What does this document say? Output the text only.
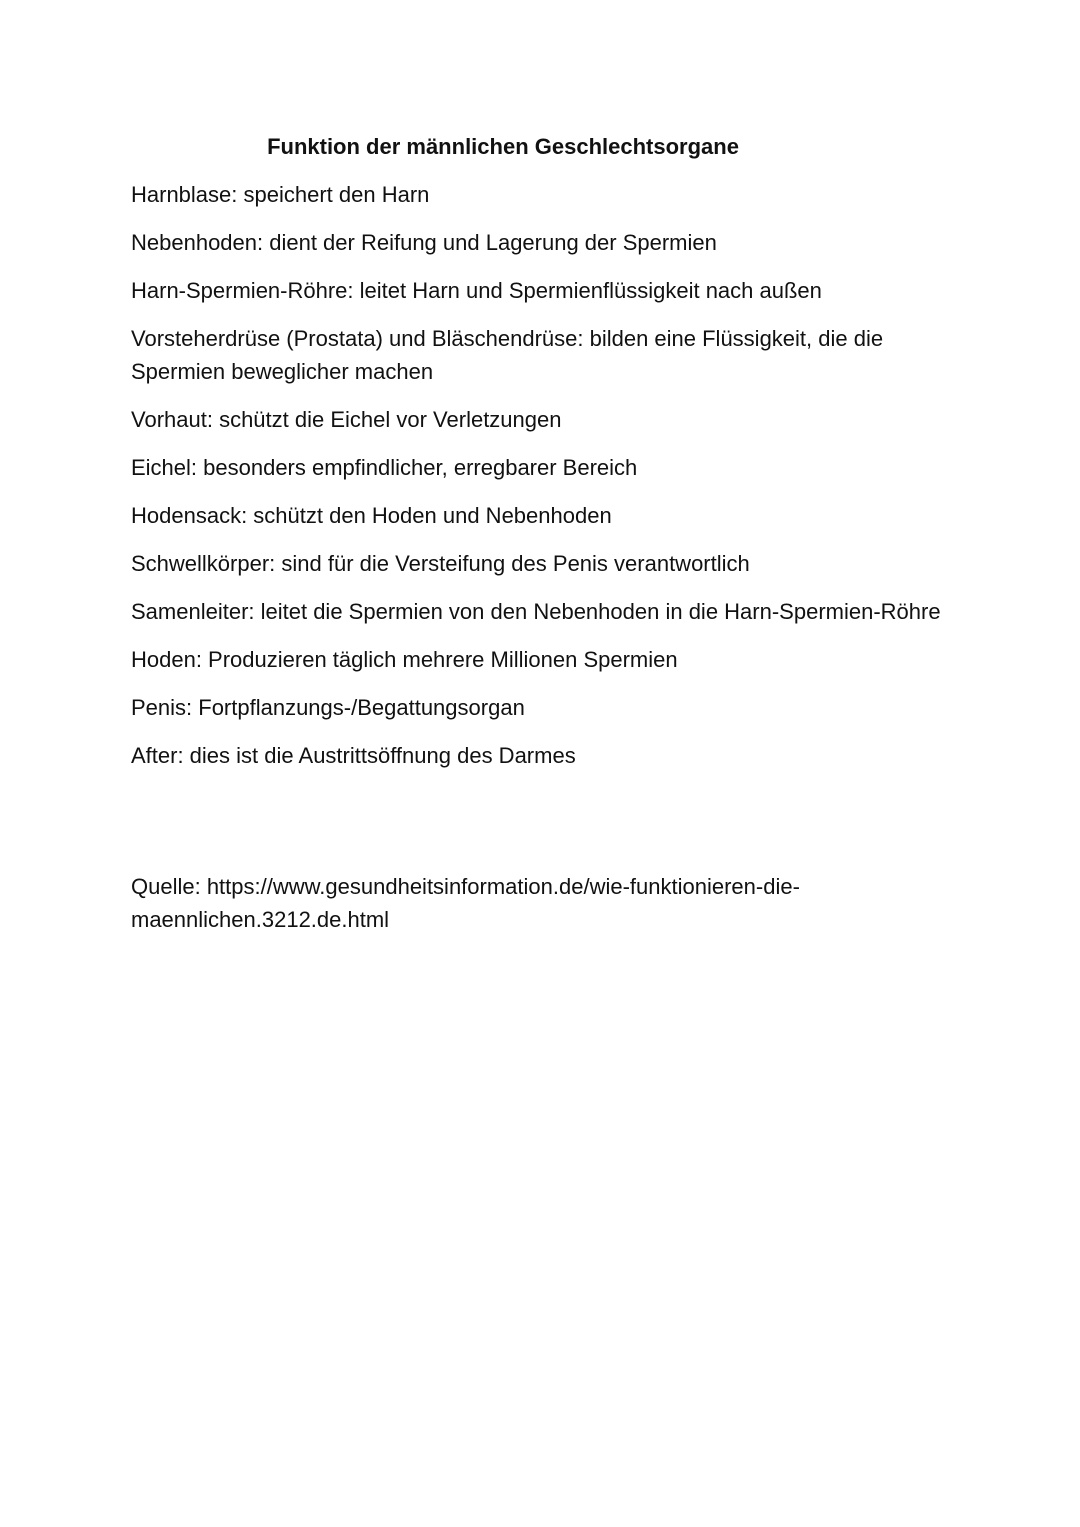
Funktion der männlichen Geschlechtsorgane
Harnblase: speichert den Harn
Nebenhoden: dient der Reifung und Lagerung der Spermien
Harn-Spermien-Röhre: leitet Harn und Spermienflüssigkeit nach außen
Vorsteherdrüse (Prostata) und Bläschendrüse: bilden eine Flüssigkeit, die die Spermien beweglicher machen
Vorhaut: schützt die Eichel vor Verletzungen
Eichel: besonders empfindlicher, erregbarer Bereich
Hodensack: schützt den Hoden und Nebenhoden
Schwellkörper: sind für die Versteifung des Penis verantwortlich
Samenleiter: leitet die Spermien von den Nebenhoden in die Harn-Spermien-Röhre
Hoden: Produzieren täglich mehrere Millionen Spermien
Penis: Fortpflanzungs-/Begattungsorgan
After: dies ist die Austrittsöffnung des Darmes

Quelle: https://www.gesundheitsinformation.de/wie-funktionieren-die-
maennlichen.3212.de.html
